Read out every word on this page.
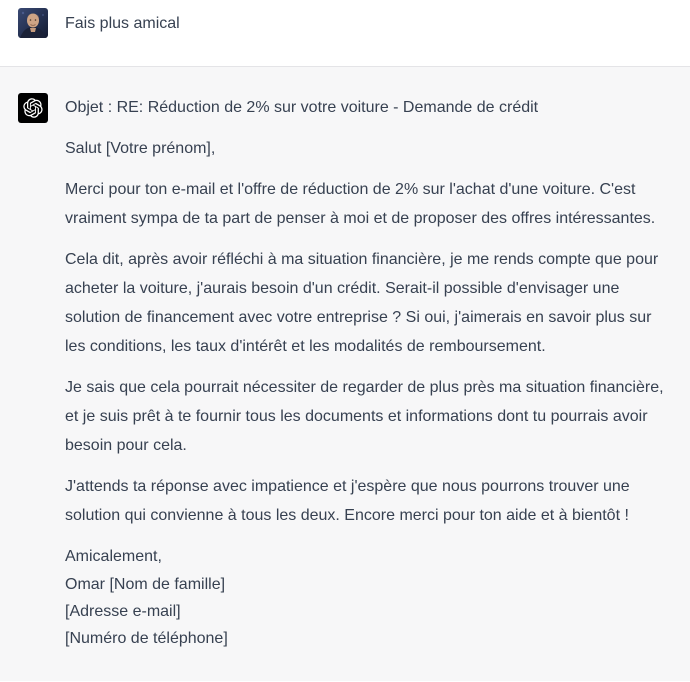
Fais plus amical

Objet : RE: Réduction de 2% sur votre voiture - Demande de crédit

Salut [Votre prénom],

Merci pour ton e-mail et l'offre de réduction de 2% sur l'achat d'une voiture. C'est vraiment sympa de ta part de penser à moi et de proposer des offres intéressantes.

Cela dit, après avoir réfléchi à ma situation financière, je me rends compte que pour acheter la voiture, j'aurais besoin d'un crédit. Serait-il possible d'envisager une solution de financement avec votre entreprise ? Si oui, j'aimerais en savoir plus sur les conditions, les taux d'intérêt et les modalités de remboursement.

Je sais que cela pourrait nécessiter de regarder de plus près ma situation financière, et je suis prêt à te fournir tous les documents et informations dont tu pourrais avoir besoin pour cela.

J'attends ta réponse avec impatience et j'espère que nous pourrons trouver une solution qui convienne à tous les deux. Encore merci pour ton aide et à bientôt !

Amicalement,

Omar [Nom de famille]
[Adresse e-mail]
[Numéro de téléphone]
